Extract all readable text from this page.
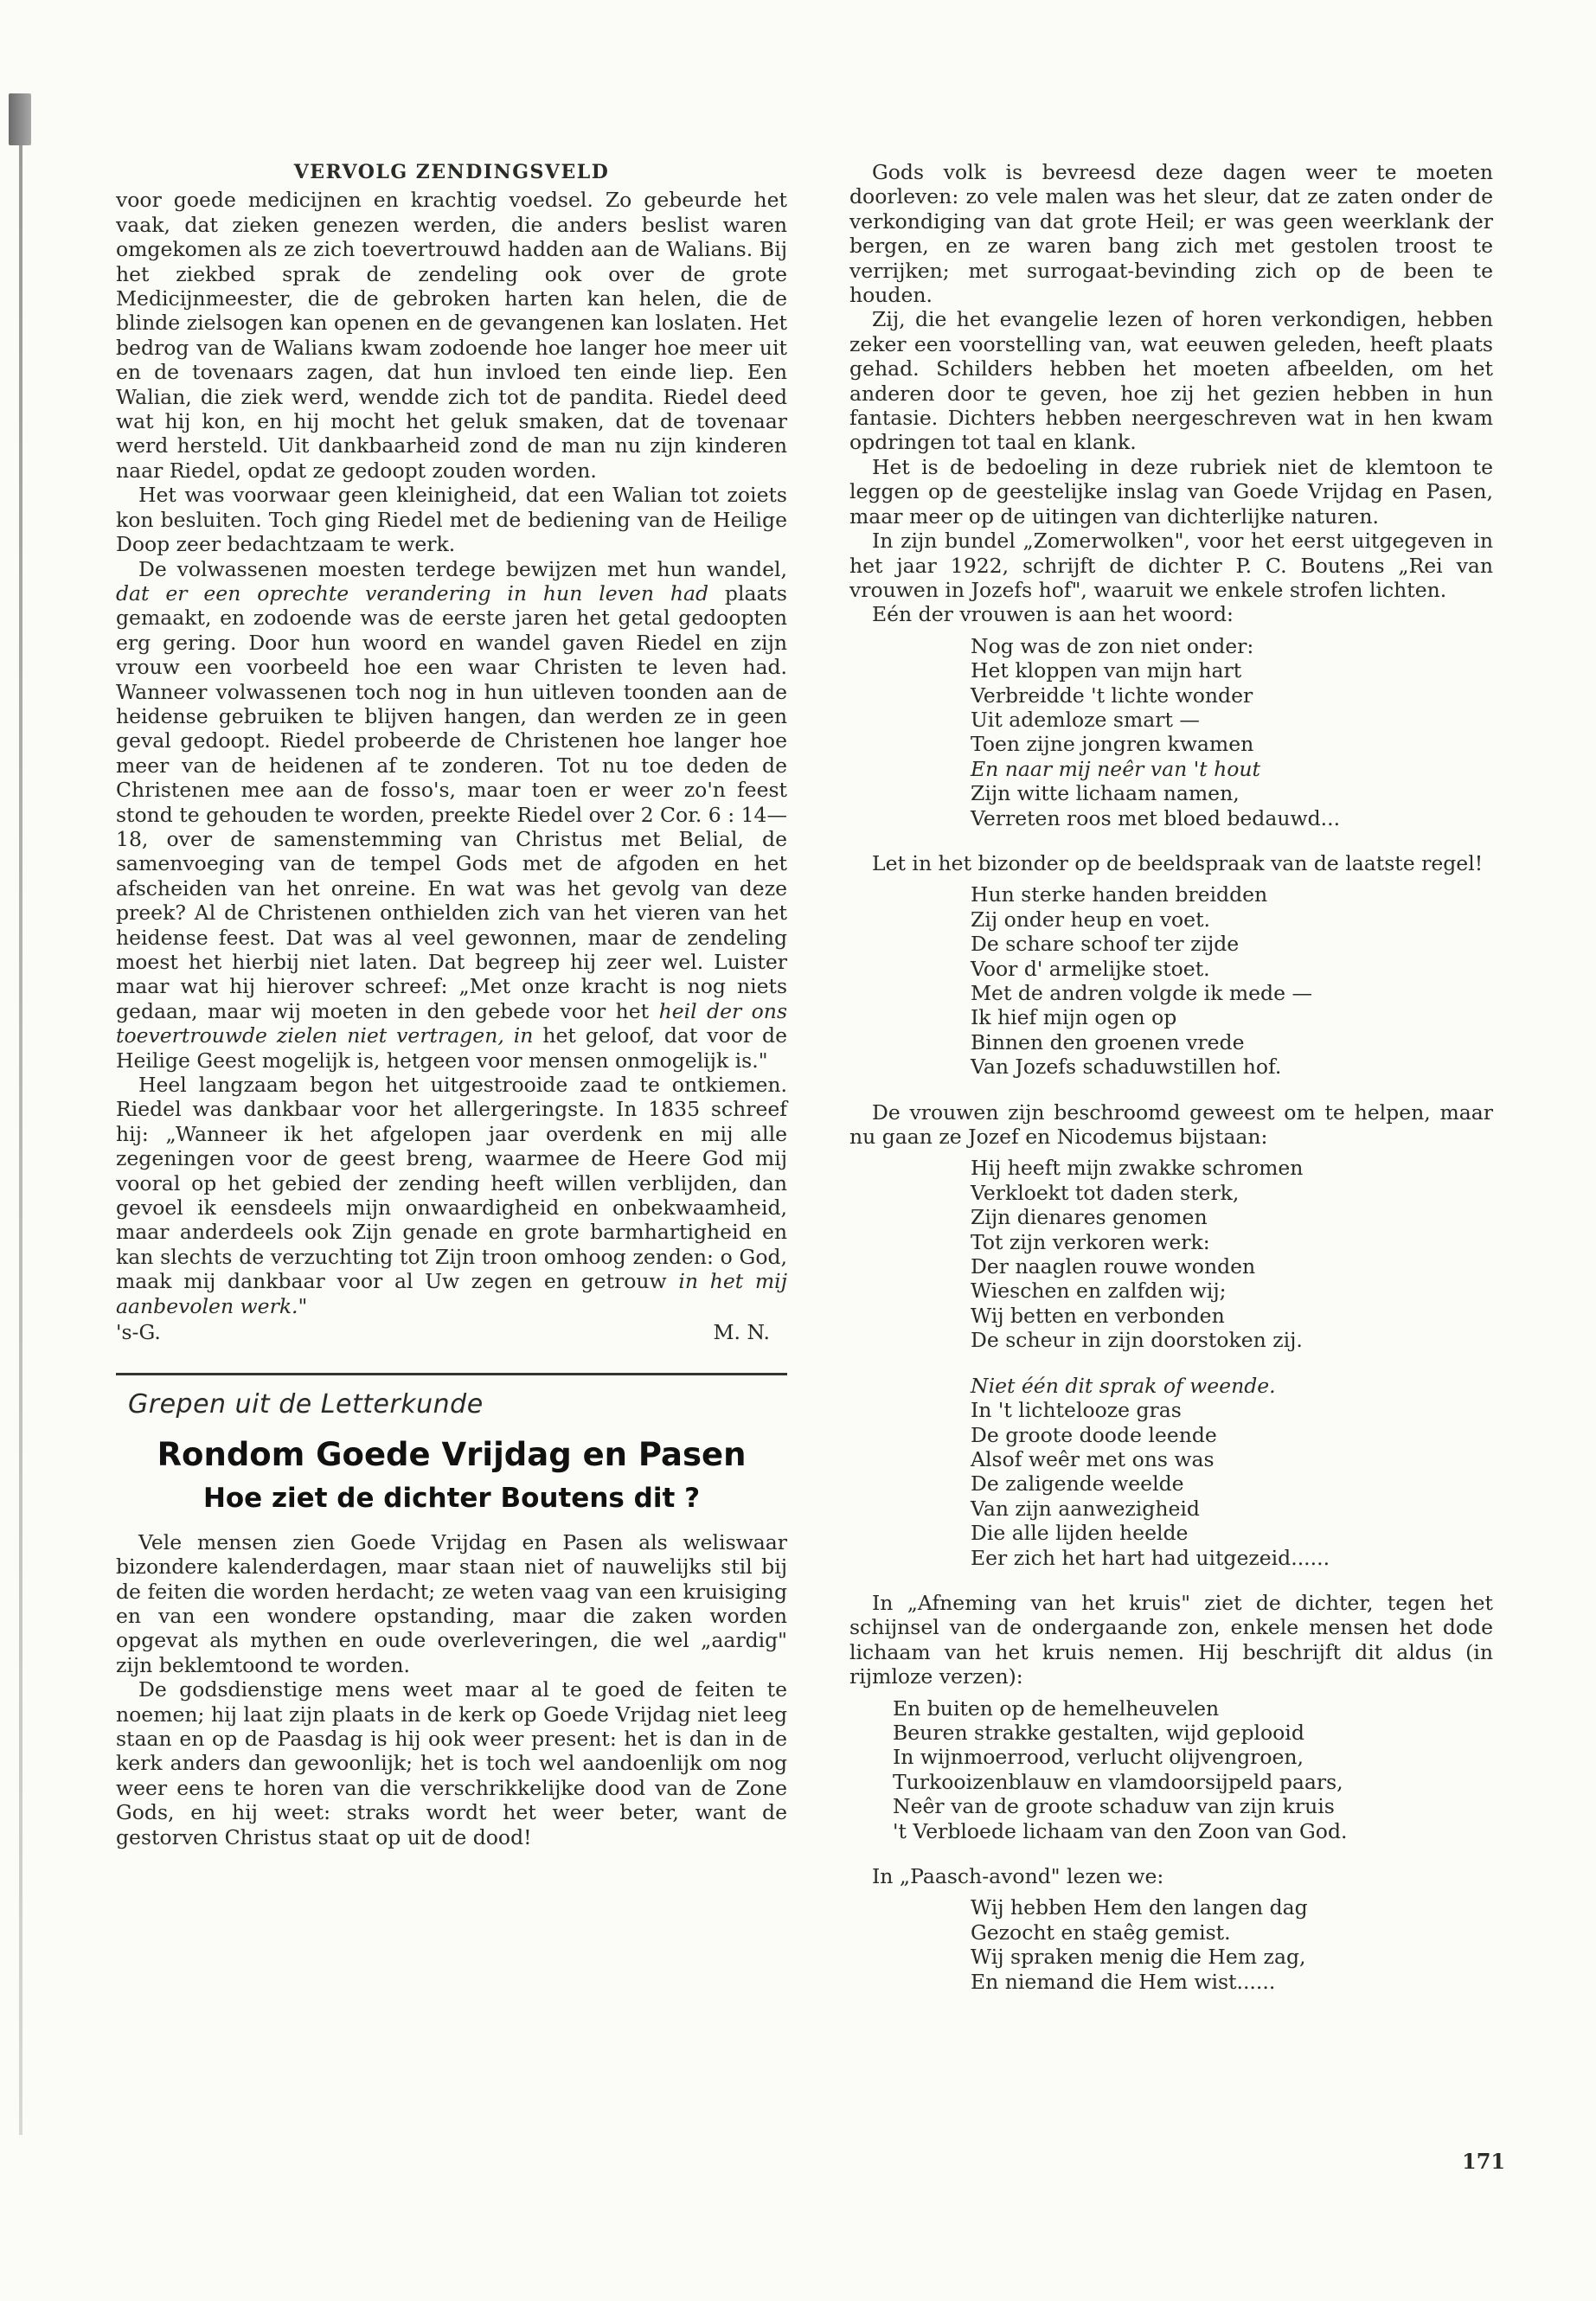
VERVOLG ZENDINGSVELD

voor goede medicijnen en krachtig voedsel. Zo gebeurde het vaak, dat zieken genezen werden, die anders beslist waren omgekomen als ze zich toevertrouwd hadden aan de Walians. Bij het ziekbed sprak de zendeling ook over de grote Medicijnmeester, die de gebroken harten kan helen, die de blinde zielsogen kan openen en de gevangenen kan loslaten. Het bedrog van de Walians kwam zodoende hoe langer hoe meer uit en de tovenaars zagen, dat hun invloed ten einde liep. Een Walian, die ziek werd, wendde zich tot de pandita. Riedel deed wat hij kon, en hij mocht het geluk smaken, dat de tovenaar werd hersteld. Uit dankbaarheid zond de man nu zijn kinderen naar Riedel, opdat ze gedoopt zouden worden.

Het was voorwaar geen kleinigheid, dat een Walian tot zoiets kon besluiten. Toch ging Riedel met de bediening van de Heilige Doop zeer bedachtzaam te werk.

De volwassenen moesten terdege bewijzen met hun wandel, dat er een oprechte verandering in hun leven had plaats gemaakt, en zodoende was de eerste jaren het getal gedoopten erg gering. Door hun woord en wandel gaven Riedel en zijn vrouw een voorbeeld hoe een waar Christen te leven had. Wanneer volwassenen toch nog in hun uitleven toonden aan de heidense gebruiken te blijven hangen, dan werden ze in geen geval gedoopt. Riedel probeerde de Christenen hoe langer hoe meer van de heidenen af te zonderen. Tot nu toe deden de Christenen mee aan de fosso's, maar toen er weer zo'n feest stond te gehouden te worden, preekte Riedel over 2 Cor. 6 : 14—18, over de samenstemming van Christus met Belial, de samenvoeging van de tempel Gods met de afgoden en het afscheiden van het onreine. En wat was het gevolg van deze preek? Al de Christenen onthielden zich van het vieren van het heidense feest. Dat was al veel gewonnen, maar de zendeling moest het hierbij niet laten. Dat begreep hij zeer wel. Luister maar wat hij hierover schreef: „Met onze kracht is nog niets gedaan, maar wij moeten in den gebede voor het heil der ons toevertrouwde zielen niet vertragen, in het geloof, dat voor de Heilige Geest mogelijk is, hetgeen voor mensen onmogelijk is."

Heel langzaam begon het uitgestrooide zaad te ontkiemen. Riedel was dankbaar voor het allergeringste. In 1835 schreef hij: „Wanneer ik het afgelopen jaar overdenk en mij alle zegeningen voor de geest breng, waarmee de Heere God mij vooral op het gebied der zending heeft willen verblijden, dan gevoel ik eensdeels mijn onwaardigheid en onbekwaamheid, maar anderdeels ook Zijn genade en grote barmhartigheid en kan slechts de verzuchting tot Zijn troon omhoog zenden: o God, maak mij dankbaar voor al Uw zegen en getrouw in het mij aanbevolen werk."

's-G.	M. N.
Grepen uit de Letterkunde
Rondom Goede Vrijdag en Pasen
Hoe ziet de dichter Boutens dit ?

Vele mensen zien Goede Vrijdag en Pasen als weliswaar bizondere kalenderdagen, maar staan niet of nauwelijks stil bij de feiten die worden herdacht; ze weten vaag van een kruisiging en van een wondere opstanding, maar die zaken worden opgevat als mythen en oude overleveringen, die wel „aardig" zijn beklemtoond te worden.

De godsdienstige mens weet maar al te goed de feiten te noemen; hij laat zijn plaats in de kerk op Goede Vrijdag niet leeg staan en op de Paasdag is hij ook weer present: het is dan in de kerk anders dan gewoonlijk; het is toch wel aandoenlijk om nog weer eens te horen van die verschrikkelijke dood van de Zone Gods, en hij weet: straks wordt het weer beter, want de gestorven Christus staat op uit de dood!

Gods volk is bevreesd deze dagen weer te moeten doorleven: zo vele malen was het sleur, dat ze zaten onder de verkondiging van dat grote Heil; er was geen weerklank der bergen, en ze waren bang zich met gestolen troost te verrijken; met surrogaat-bevinding zich op de been te houden.

Zij, die het evangelie lezen of horen verkondigen, hebben zeker een voorstelling van, wat eeuwen geleden, heeft plaats gehad. Schilders hebben het moeten afbeelden, om het anderen door te geven, hoe zij het gezien hebben in hun fantasie. Dichters hebben neergeschreven wat in hen kwam opdringen tot taal en klank.

Het is de bedoeling in deze rubriek niet de klemtoon te leggen op de geestelijke inslag van Goede Vrijdag en Pasen, maar meer op de uitingen van dichterlijke naturen.

In zijn bundel „Zomerwolken", voor het eerst uitgegeven in het jaar 1922, schrijft de dichter P. C. Boutens „Rei van vrouwen in Jozefs hof", waaruit we enkele strofen lichten.

Eén der vrouwen is aan het woord:

Nog was de zon niet onder:
Het kloppen van mijn hart
Verbreidde 't lichte wonder
Uit ademloze smart —
Toen zijne jongren kwamen
En naar mij neêr van 't hout
Zijn witte lichaam namen,
Verreten roos met bloed bedauwd...

Let in het bizonder op de beeldspraak van de laatste regel!

Hun sterke handen breidden
Zij onder heup en voet.
De schare schoof ter zijde
Voor d' armelijke stoet.
Met de andren volgde ik mede —
Ik hief mijn ogen op
Binnen den groenen vrede
Van Jozefs schaduwstillen hof.

De vrouwen zijn beschroomd geweest om te helpen, maar nu gaan ze Jozef en Nicodemus bijstaan:

Hij heeft mijn zwakke schromen
Verkloekt tot daden sterk,
Zijn dienares genomen
Tot zijn verkoren werk:
Der naaglen rouwe wonden
Wieschen en zalfden wij;
Wij betten en verbonden
De scheur in zijn doorstoken zij.
Niet één dit sprak of weende.
In 't lichtelooze gras
De groote doode leende
Alsof weêr met ons was
De zaligende weelde
Van zijn aanwezigheid
Die alle lijden heelde
Eer zich het hart had uitgezeid......

In „Afneming van het kruis" ziet de dichter, tegen het schijnsel van de ondergaande zon, enkele mensen het dode lichaam van het kruis nemen. Hij beschrijft dit aldus (in rijmloze verzen):

En buiten op de hemelheuvelen
Beuren strakke gestalten, wijd geplooid
In wijnmoerrood, verlucht olijvengroen,
Turkooizenblauw en vlamdoorsijpeld paars,
Neêr van de groote schaduw van zijn kruis
't Verbloede lichaam van den Zoon van God.

In „Paasch-avond" lezen we:

Wij hebben Hem den langen dag
Gezocht en staêg gemist.
Wij spraken menig die Hem zag,
En niemand die Hem wist......
171
